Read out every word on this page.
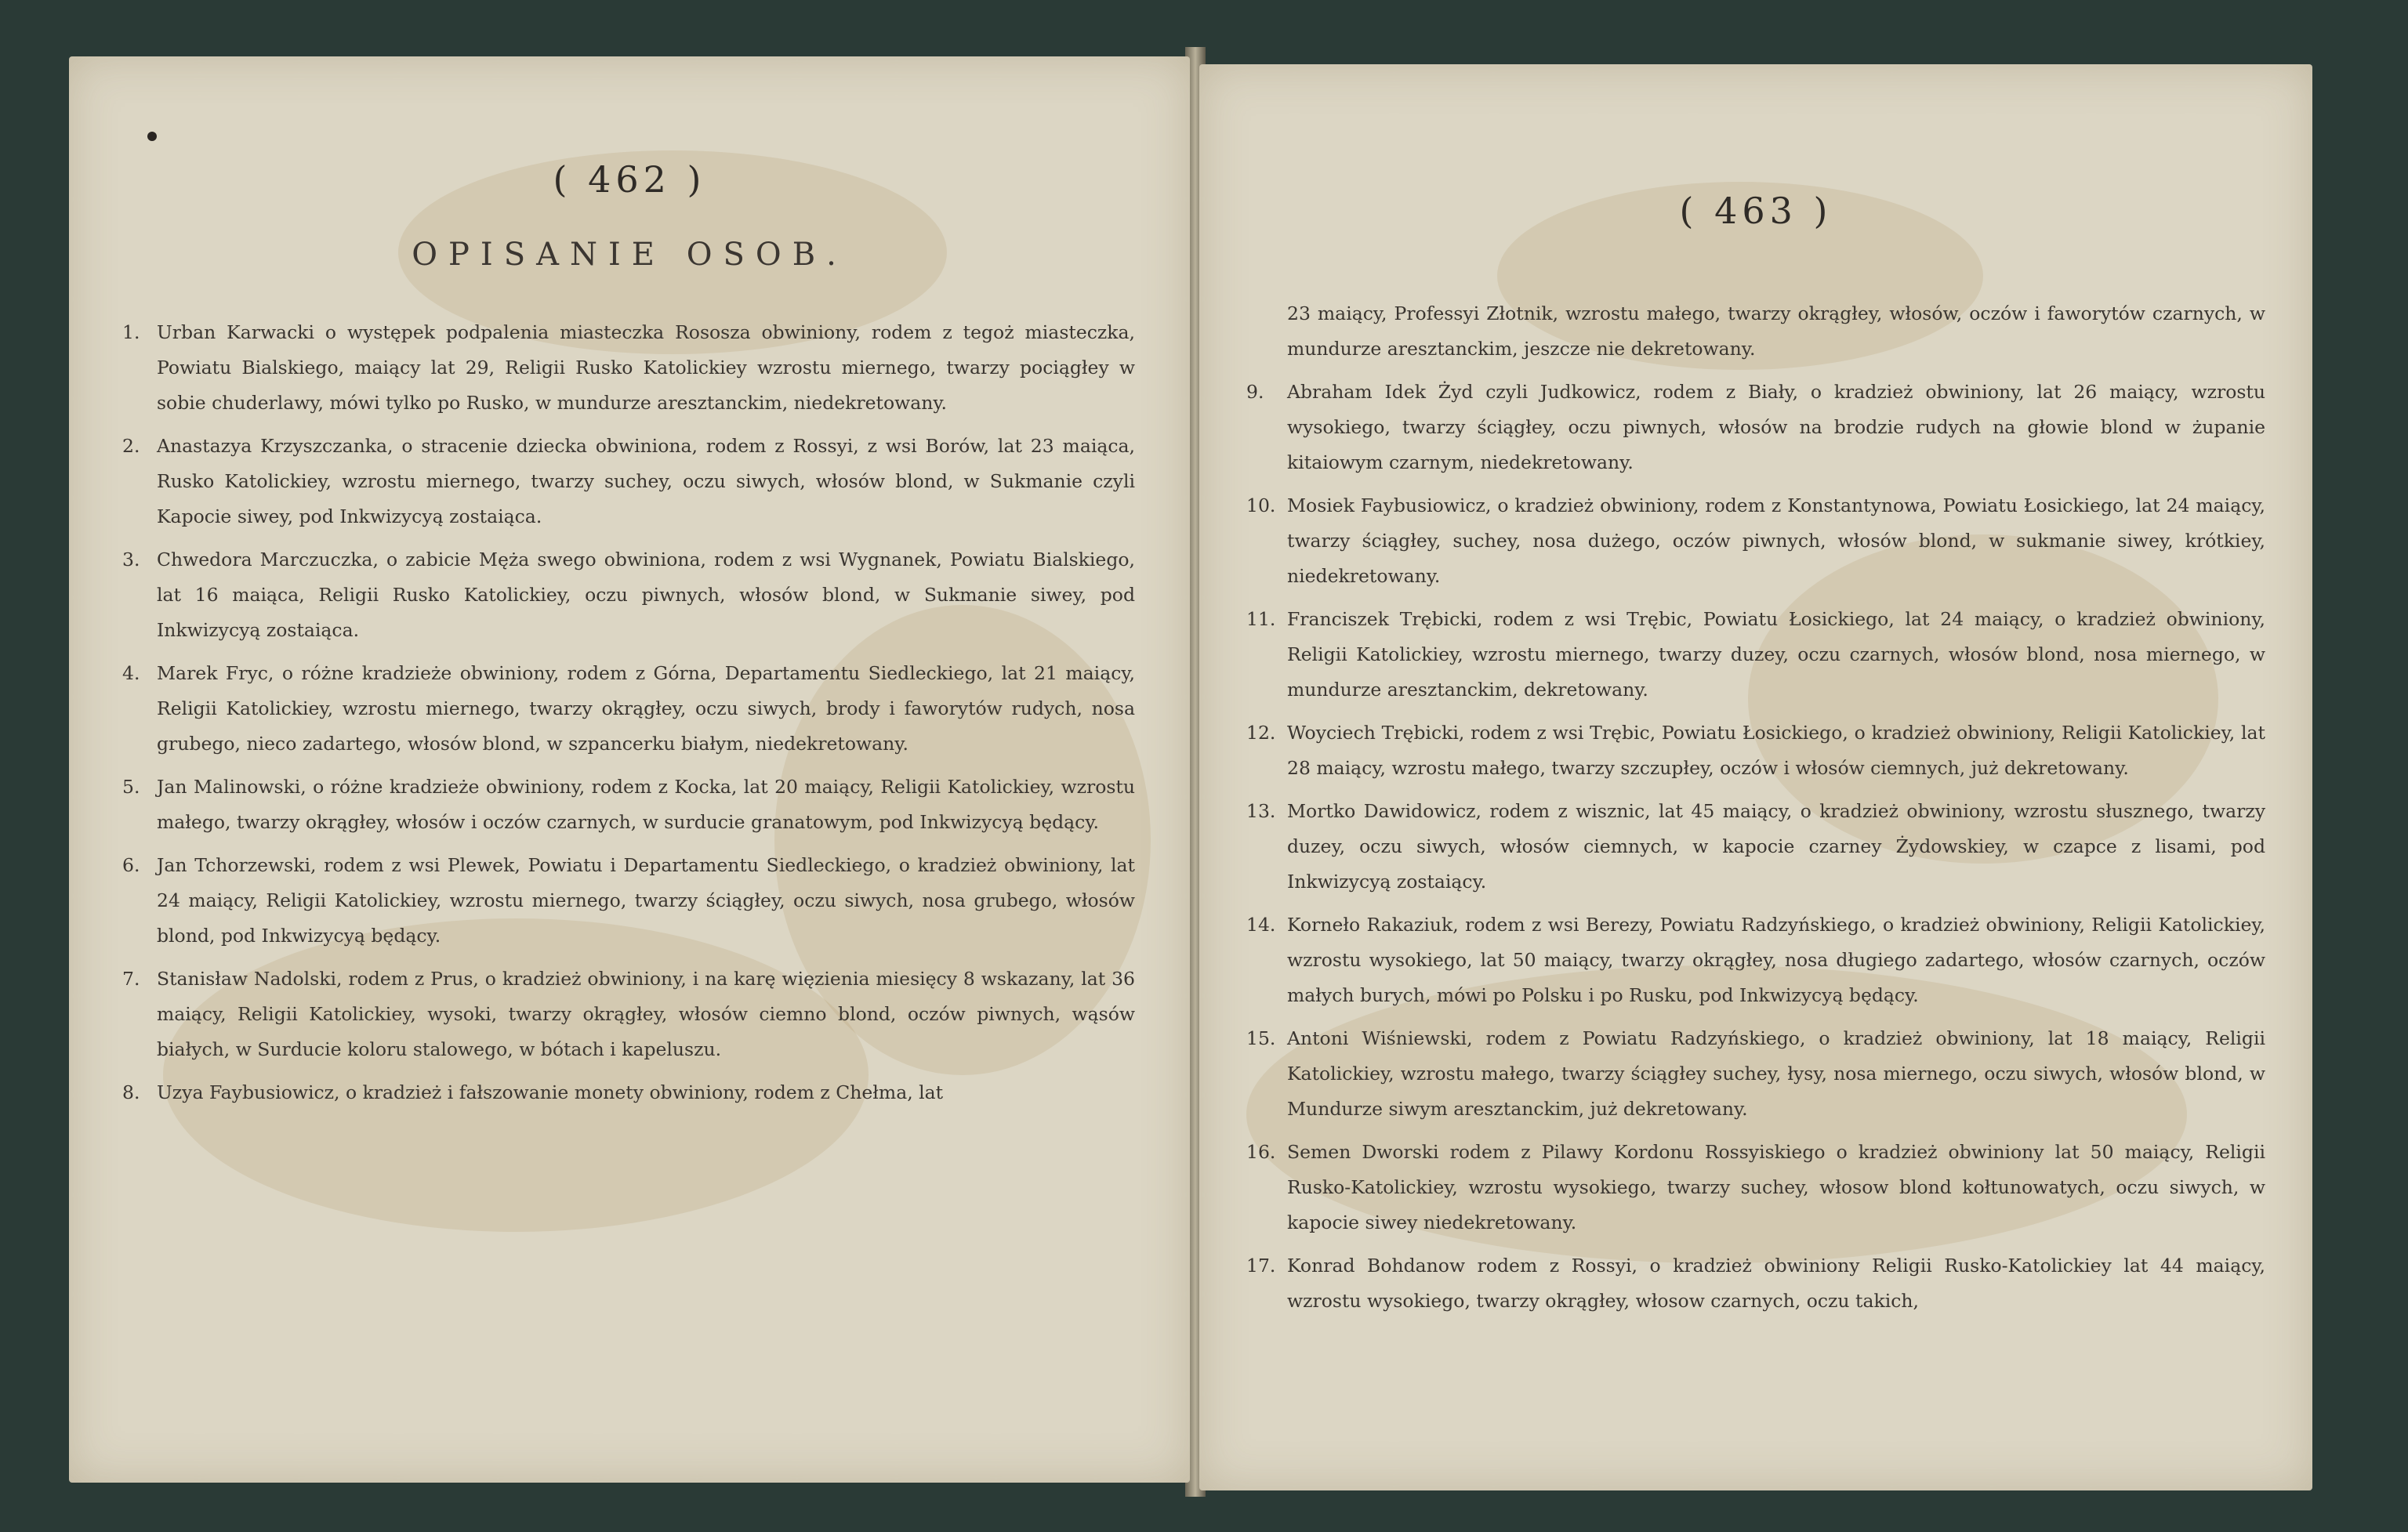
( 462 )
OPISANIE OSOB.
1. Urban Karwacki o występek podpalenia miasteczka Rososza obwiniony, rodem z tegoż miasteczka, Powiatu Bialskiego, maiący lat 29, Religii Rusko Katolickiey wzrostu miernego, twarzy pociągłey w sobie chuderlawy, mówi tylko po Rusko, w mundurze aresztanckim, niedekretowany.
2. Anastazya Krzyszczanka, o stracenie dziecka obwiniona, rodem z Rossyi, z wsi Borów, lat 23 maiąca, Rusko Katolickiey, wzrostu miernego, twarzy suchey, oczu siwych, włosów blond, w Sukmanie czyli Kapocie siwey, pod Inkwizycyą zostaiąca.
3. Chwedora Marczuczka, o zabicie Męża swego obwiniona, rodem z wsi Wygnanek, Powiatu Bialskiego, lat 16 maiąca, Religii Rusko Katolickiey, oczu piwnych, włosów blond, w Sukmanie siwey, pod Inkwizycyą zostaiąca.
4. Marek Fryc, o różne kradzieże obwiniony, rodem z Górna, Departamentu Siedleckiego, lat 21 maiący, Religii Katolickiey, wzrostu miernego, twarzy okrągłey, oczu siwych, brody i faworytów rudych, nosa grubego, nieco zadartego, włosów blond, w szpancerku białym, niedekretowany.
5. Jan Malinowski, o różne kradzieże obwiniony, rodem z Kocka, lat 20 maiący, Religii Katolickiey, wzrostu małego, twarzy okrągłey, włosów i oczów czarnych, w surducie granatowym, pod Inkwizycyą będący.
6. Jan Tchorzewski, rodem z wsi Plewek, Powiatu i Departamentu Siedleckiego, o kradzież obwiniony, lat 24 maiący, Religii Katolickiey, wzrostu miernego, twarzy ściągłey, oczu siwych, nosa grubego, włosów blond, pod Inkwizycyą będący.
7. Stanisław Nadolski, rodem z Prus, o kradzież obwiniony, i na karę więzienia miesięcy 8 wskazany, lat 36 maiący, Religii Katolickiey, wysoki, twarzy okrągłey, włosów ciemno blond, oczów piwnych, wąsów białych, w Surducie koloru stalowego, w bótach i kapeluszu.
8. Uzya Faybusiowicz, o kradzież i fałszowanie monety obwiniony, rodem z Chełma, lat
( 463 )
23 maiący, Professyi Złotnik, wzrostu małego, twarzy okrągłey, włosów, oczów i faworytów czarnych, w mundurze aresztanckim, jeszcze nie dekretowany.
9.	Abraham Idek Żyd czyli Judkowicz, rodem z Biały, o kradzież obwiniony, lat 26 maiący, wzrostu wysokiego, twarzy ściągłey, oczu piwnych, włosów na brodzie rudych na głowie blond w żupanie kitaiowym czarnym, niedekretowany.
10. Mosiek Faybusiowicz, o kradzież obwiniony, rodem z Konstantynowa, Powiatu Łosickiego, lat 24 maiący, twarzy ściągłey, suchey, nosa dużego, oczów piwnych, włosów blond, w sukmanie siwey, krótkiey, niedekretowany.
11. Franciszek Trębicki, rodem z wsi Trębic, Powiatu Łosickiego, lat 24 maiący, o kradzież obwiniony, Religii Katolickiey, wzrostu miernego, twarzy duzey, oczu czarnych, włosów blond, nosa miernego, w mundurze aresztanckim, dekretowany.
12. Woyciech Trębicki, rodem z wsi Trębic, Powiatu Łosickiego, o kradzież obwiniony, Religii Katolickiey, lat 28 maiący, wzrostu małego, twarzy szczupłey, oczów i włosów ciemnych, już dekretowany.
13. Mortko Dawidowicz, rodem z wisznic, lat 45 maiący, o kradzież obwiniony, wzrostu słusznego, twarzy duzey, oczu siwych, włosów ciemnych, w kapocie czarney Żydowskiey, w czapce z lisami, pod Inkwizycyą zostaiący.
14. Korneło Rakaziuk, rodem z wsi Berezy, Powiatu Radzyńskiego, o kradzież obwiniony, Religii Katolickiey, wzrostu wysokiego, lat 50 maiący, twarzy okrągłey, nosa długiego zadartego, włosów czarnych, oczów małych burych, mówi po Polsku i po Rusku, pod Inkwizycyą będący.
15. Antoni Wiśniewski, rodem z Powiatu Radzyńskiego, o kradzież obwiniony, lat 18 maiący, Religii Katolickiey, wzrostu małego, twarzy ściągłey suchey, łysy, nosa miernego, oczu siwych, włosów blond, w Mundurze siwym aresztanckim, już dekretowany.
16. Semen Dworski rodem z Pilawy Kordonu Rossyiskiego o kradzież obwiniony lat 50 maiący, Religii Rusko-Katolickiey, wzrostu wysokiego, twarzy suchey, włosow blond kołtunowatych, oczu siwych, w kapocie siwey niedekretowany.
17. Konrad Bohdanow rodem z Rossyi, o kradzież obwiniony Religii Rusko-Katolickiey lat 44 maiący, wzrostu wysokiego, twarzy okrągłey, włosow czarnych, oczu takich,
